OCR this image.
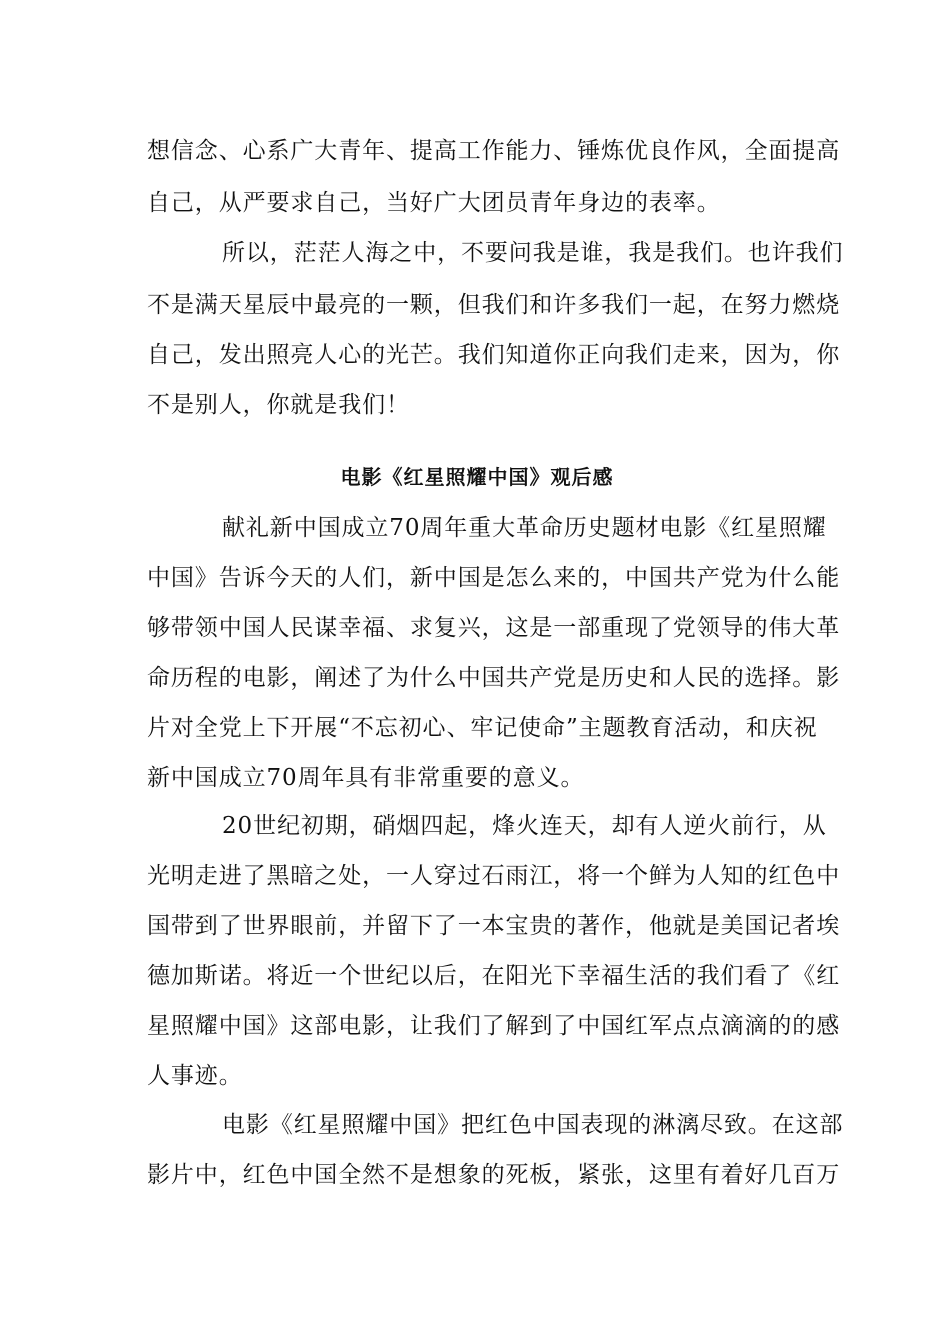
想信念、心系广大青年、提高工作能力、锤炼优良作风，全面提高
自己，从严要求自己，当好广大团员青年身边的表率。
所以，茫茫人海之中，不要问我是谁，我是我们。也许我们
不是满天星辰中最亮的一颗，但我们和许多我们一起，在努力燃烧
自己，发出照亮人心的光芒。我们知道你正向我们走来，因为，你
不是别人，你就是我们！
电影《红星照耀中国》观后感
献礼新中国成立70周年重大革命历史题材电影《红星照耀
中国》告诉今天的人们，新中国是怎么来的，中国共产党为什么能
够带领中国人民谋幸福、求复兴，这是一部重现了党领导的伟大革
命历程的电影，阐述了为什么中国共产党是历史和人民的选择。影
片对全党上下开展“不忘初心、牢记使命”主题教育活动，和庆祝
新中国成立70周年具有非常重要的意义。
20世纪初期，硝烟四起，烽火连天，却有人逆火前行，从
光明走进了黑暗之处，一人穿过石雨江，将一个鲜为人知的红色中
国带到了世界眼前，并留下了一本宝贵的著作，他就是美国记者埃
德加斯诺。将近一个世纪以后，在阳光下幸福生活的我们看了《红
星照耀中国》这部电影，让我们了解到了中国红军点点滴滴的的感
人事迹。
电影《红星照耀中国》把红色中国表现的淋漓尽致。在这部
影片中，红色中国全然不是想象的死板，紧张，这里有着好几百万
